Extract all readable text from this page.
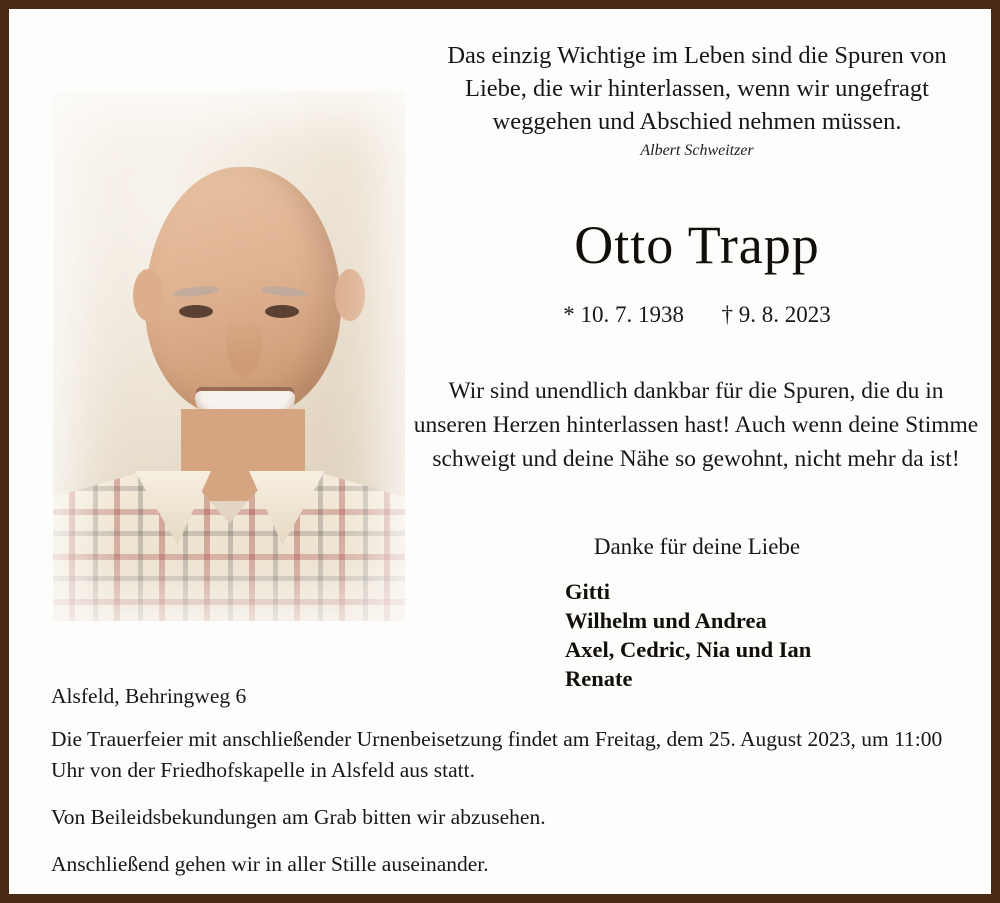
Das einzig Wichtige im Leben sind die Spuren von Liebe, die wir hinterlassen, wenn wir ungefragt weggehen und Abschied nehmen müssen.
Albert Schweitzer
Otto Trapp
* 10. 7. 1938 † 9. 8. 2023
Wir sind unendlich dankbar für die Spuren, die du in unseren Herzen hinterlassen hast! Auch wenn deine Stimme schweigt und deine Nähe so gewohnt, nicht mehr da ist!
Danke für deine Liebe
Gitti
Wilhelm und Andrea
Axel, Cedric, Nia und Ian
Renate
Alsfeld, Behringweg 6
Die Trauerfeier mit anschließender Urnenbeisetzung findet am Freitag, dem 25. August 2023, um 11:00 Uhr von der Friedhofskapelle in Alsfeld aus statt.
Von Beileidsbekundungen am Grab bitten wir abzusehen.
Anschließend gehen wir in aller Stille auseinander.
